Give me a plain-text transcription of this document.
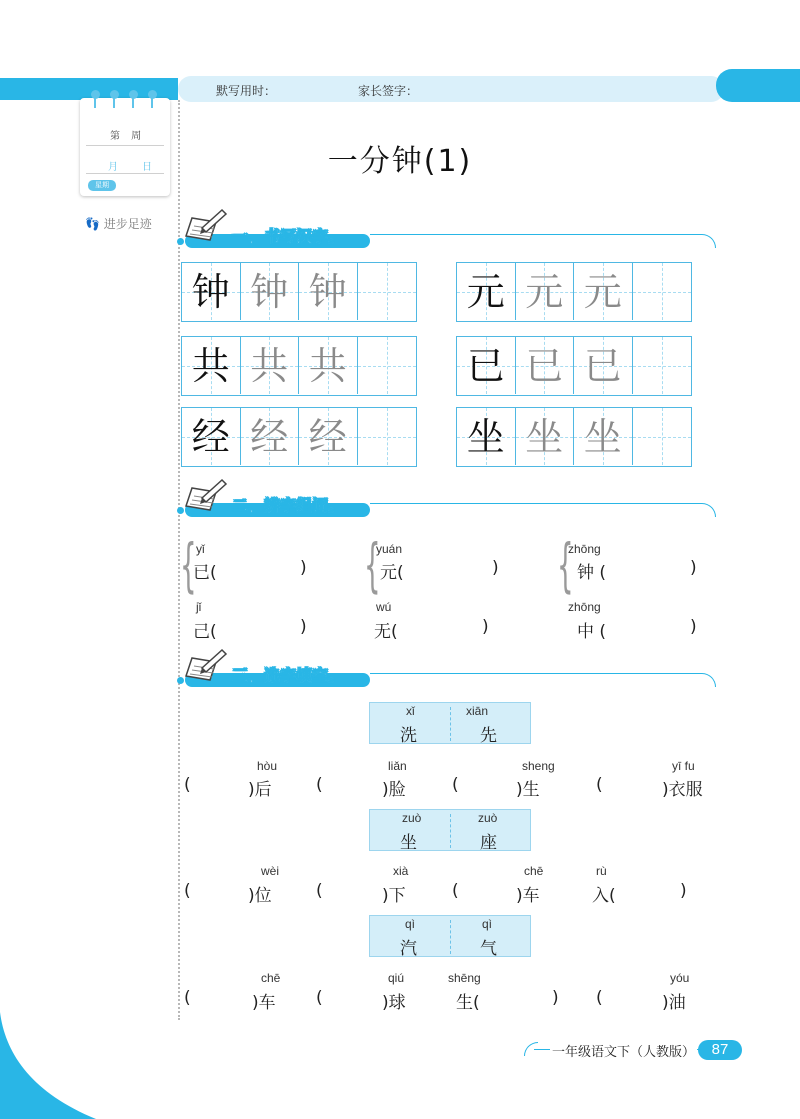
默写用时：	家长签字：
第 周
月 日
星期
👣 进步足迹
一分钟(1)
一、书写汉字。
钟 钟 钟	元 元 元
共 共 共	已 已 已
经 经 经	坐 坐 坐
二、辨字组词。
{ yǐ
已(	)
jǐ
己(	)
{
yuán
元(	)
wú
无(	)
{
zhōng
钟 (	)
zhōng
中 (	)
三、选字填空。
xǐ
洗
xiān
先
hòu
(	)后
liǎn
(	)脸
sheng
(	)生
yī fu
(	)衣服
zuò
坐
zuò
座
wèi
(	)位
xià
(	)下
chē
(	)车
rù
入(	)
qì
汽
qì
气
chē
(	)车
qiú
(	)球
shēng
生(	)
yóu
(	)油
一年级语文下（人教版）	87
